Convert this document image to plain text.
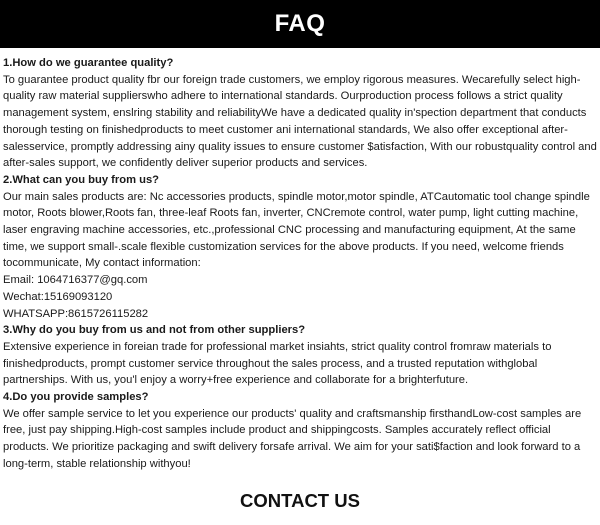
FAQ

1.How do we guarantee quality?

To guarantee product quality fbr our foreign trade customers, we employ rigorous measures. Wecarefully select high-quality raw material supplierswho adhere to international standards. Ourproduction process follows a strict quality management system, enslring stability and reliabilityWe have a dedicated quality in'spection department that conducts thorough testing on finishedproducts to meet customer ani international standards, We also offer exceptional after-salesservice, promptly addressing ainy quality issues to ensure customer $atisfaction, With our robustquality control and after-sales support, we confidently deliver superior products and services.

2.What can you buy from us?

Our main sales products are: Nc accessories products, spindle motor,motor spindle, ATCautomatic tool change spindle motor, Roots blower,Roots fan, three-leaf Roots fan, inverter, CNCremote control, water pump, light cutting machine, laser engraving machine accessories, etc.,professional CNC processing and manufacturing equipment, At the same time, we support small-.scale flexible customization services for the above products. If you need, welcome friends tocommunicate, My contact information:

Email: 1064716377@gq.com

Wechat:15169093120

WHATSAPP:8615726115282

3.Why do you buy from us and not from other suppliers?

Extensive experience in foreian trade for professional market insiahts, strict quality control fromraw materials to finishedproducts, prompt customer service throughout the sales process, and a trusted reputation withglobal partnerships. With us, you'l enjoy a worry+free experience and collaborate for a brighterfuture.

4.Do you provide samples?

We offer sample service to let you experience our products' quality and craftsmanship firsthandLow-cost samples are free, just pay shipping.High-cost samples include product and shippingcosts. Samples accurately reflect official products. We prioritize packaging and swift delivery forsafe arrival. We aim for your sati$faction and look forward to a long-term, stable relationship withyou!

CONTACT US
